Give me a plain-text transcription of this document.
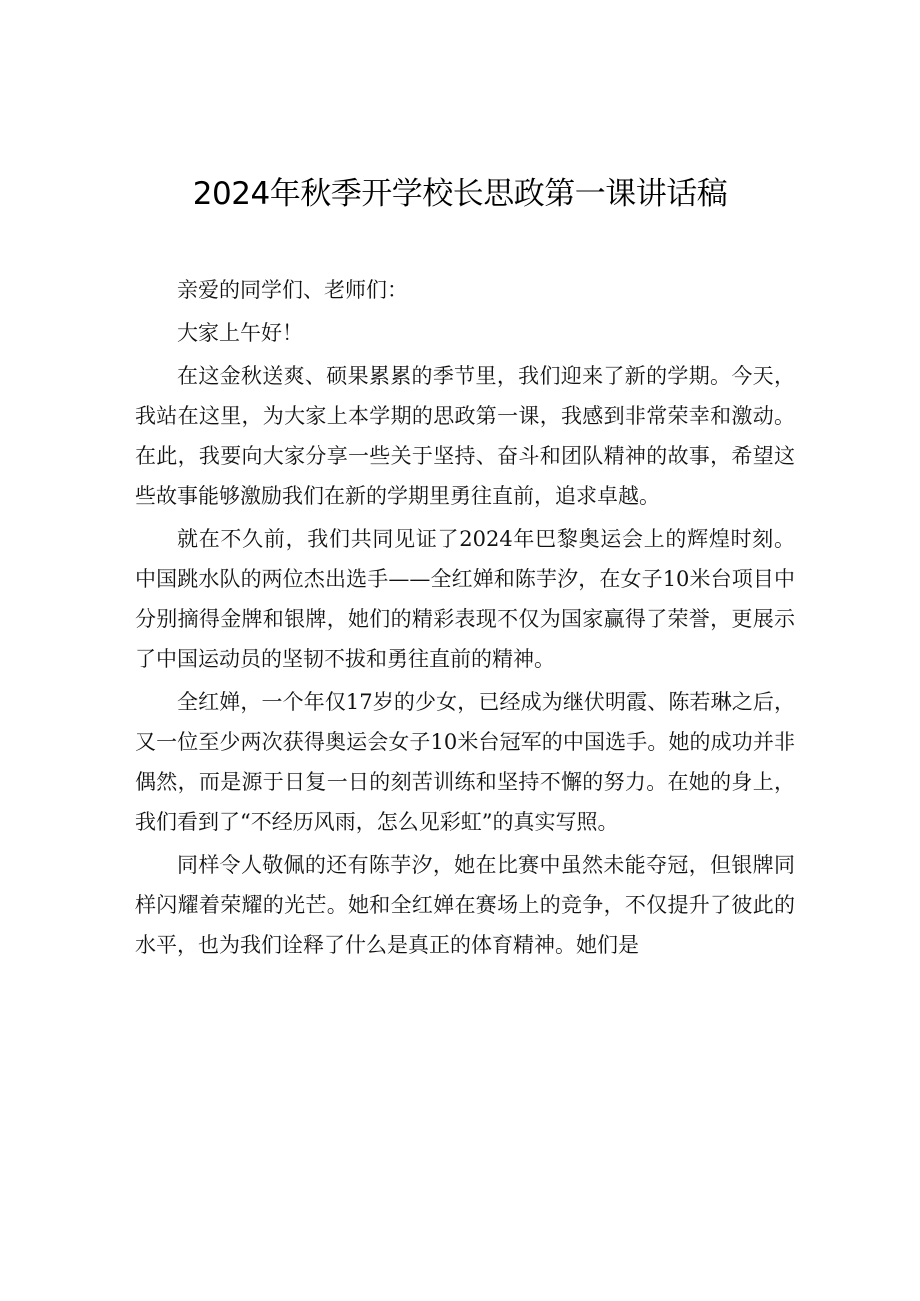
2024年秋季开学校长思政第一课讲话稿

亲爱的同学们、老师们：

大家上午好！

在这金秋送爽、硕果累累的季节里，我们迎来了新的学期。今天，我站在这里，为大家上本学期的思政第一课，我感到非常荣幸和激动。在此，我要向大家分享一些关于坚持、奋斗和团队精神的故事，希望这些故事能够激励我们在新的学期里勇往直前，追求卓越。

就在不久前，我们共同见证了2024年巴黎奥运会上的辉煌时刻。中国跳水队的两位杰出选手——全红婵和陈芋汐，在女子10米台项目中分别摘得金牌和银牌，她们的精彩表现不仅为国家赢得了荣誉，更展示了中国运动员的坚韧不拔和勇往直前的精神。

全红婵，一个年仅17岁的少女，已经成为继伏明霞、陈若琳之后，又一位至少两次获得奥运会女子10米台冠军的中国选手。她的成功并非偶然，而是源于日复一日的刻苦训练和坚持不懈的努力。在她的身上，我们看到了“不经历风雨，怎么见彩虹”的真实写照。

同样令人敬佩的还有陈芋汐，她在比赛中虽然未能夺冠，但银牌同样闪耀着荣耀的光芒。她和全红婵在赛场上的竞争，不仅提升了彼此的水平，也为我们诠释了什么是真正的体育精神。她们是
